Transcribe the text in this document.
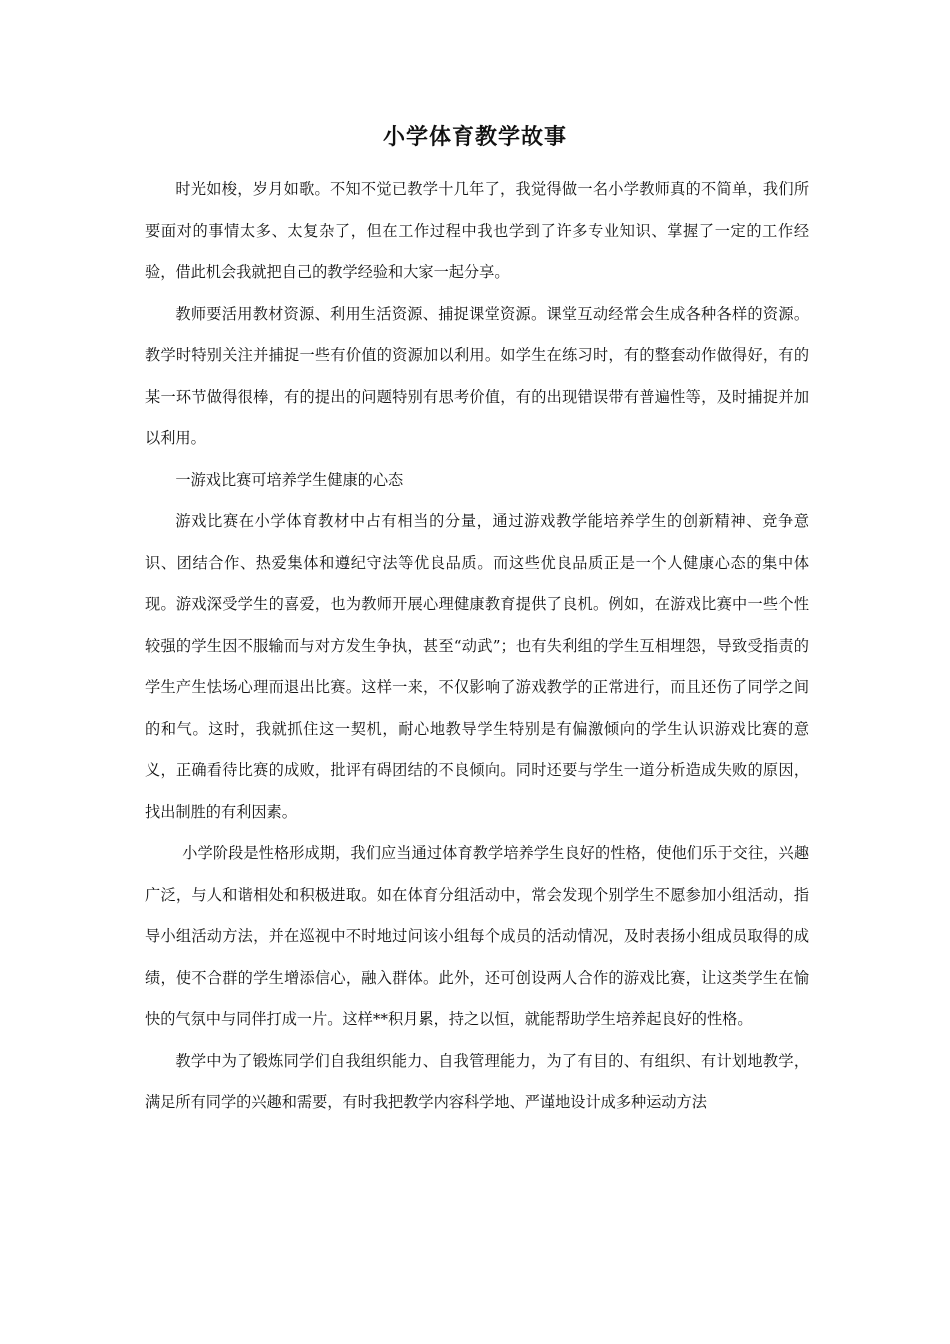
小学体育教学故事

时光如梭，岁月如歌。不知不觉已教学十几年了，我觉得做一名小学教师真的不简单，我们所要面对的事情太多、太复杂了，但在工作过程中我也学到了许多专业知识、掌握了一定的工作经验，借此机会我就把自己的教学经验和大家一起分享。

教师要活用教材资源、利用生活资源、捕捉课堂资源。课堂互动经常会生成各种各样的资源。教学时特别关注并捕捉一些有价值的资源加以利用。如学生在练习时，有的整套动作做得好，有的某一环节做得很棒，有的提出的问题特别有思考价值，有的出现错误带有普遍性等，及时捕捉并加以利用。

一游戏比赛可培养学生健康的心态

游戏比赛在小学体育教材中占有相当的分量，通过游戏教学能培养学生的创新精神、竞争意识、团结合作、热爱集体和遵纪守法等优良品质。而这些优良品质正是一个人健康心态的集中体现。游戏深受学生的喜爱，也为教师开展心理健康教育提供了良机。例如，在游戏比赛中一些个性较强的学生因不服输而与对方发生争执，甚至“动武”；也有失利组的学生互相埋怨，导致受指责的学生产生怯场心理而退出比赛。这样一来，不仅影响了游戏教学的正常进行，而且还伤了同学之间的和气。这时，我就抓住这一契机，耐心地教导学生特别是有偏激倾向的学生认识游戏比赛的意义，正确看待比赛的成败，批评有碍团结的不良倾向。同时还要与学生一道分析造成失败的原因，找出制胜的有利因素。

小学阶段是性格形成期，我们应当通过体育教学培养学生良好的性格，使他们乐于交往，兴趣广泛，与人和谐相处和积极进取。如在体育分组活动中，常会发现个别学生不愿参加小组活动，指导小组活动方法，并在巡视中不时地过问该小组每个成员的活动情况，及时表扬小组成员取得的成绩，使不合群的学生增添信心，融入群体。此外，还可创设两人合作的游戏比赛，让这类学生在愉快的气氛中与同伴打成一片。这样**积月累，持之以恒，就能帮助学生培养起良好的性格。

教学中为了锻炼同学们自我组织能力、自我管理能力，为了有目的、有组织、有计划地教学，满足所有同学的兴趣和需要，有时我把教学内容科学地、严谨地设计成多种运动方法
